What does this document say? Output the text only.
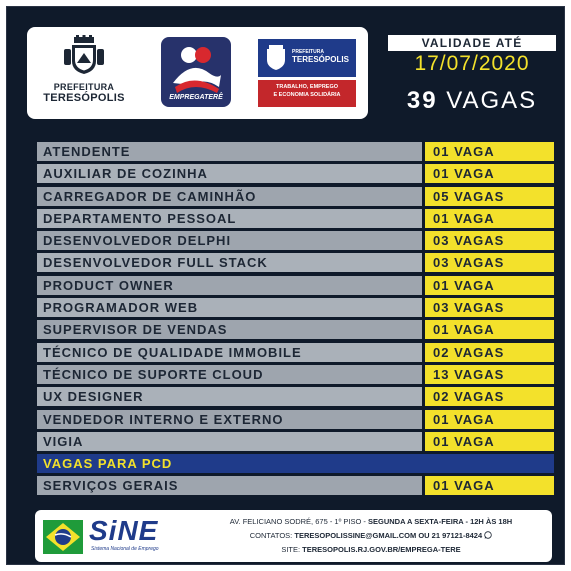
PREFEITURA
TERESÓPOLIS	EMPREGATERÊ
PREFEITURA
TERESÓPOLIS
TRABALHO, EMPREGO
E ECONOMIA SOLIDÁRIA
VALIDADE ATÉ
17/07/2020
39 VAGAS
ATENDENTE	01 VAGA
AUXILIAR DE COZINHA	01 VAGA
CARREGADOR DE CAMINHÃO	05 VAGAS
DEPARTAMENTO PESSOAL	01 VAGA
DESENVOLVEDOR DELPHI	03 VAGAS
DESENVOLVEDOR FULL STACK	03 VAGAS
PRODUCT OWNER	01 VAGA
PROGRAMADOR WEB	03 VAGAS
SUPERVISOR DE VENDAS	01 VAGA
TÉCNICO DE QUALIDADE IMMOBILE	02 VAGAS
TÉCNICO DE SUPORTE CLOUD	13 VAGAS
UX DESIGNER	02 VAGAS
VENDEDOR INTERNO E EXTERNO	01 VAGA
VIGIA	01 VAGA
VAGAS PARA PCD
SERVIÇOS GERAIS	01 VAGA
SiNE
Sistema Nacional de Emprego
AV. FELICIANO SODRÉ, 675 - 1º PISO - SEGUNDA A SEXTA-FEIRA - 12H ÀS 18H
CONTATOS: TERESOPOLISSINE@GMAIL.COM OU 21 97121-8424
SITE: TERESOPOLIS.RJ.GOV.BR/EMPREGA-TERE
